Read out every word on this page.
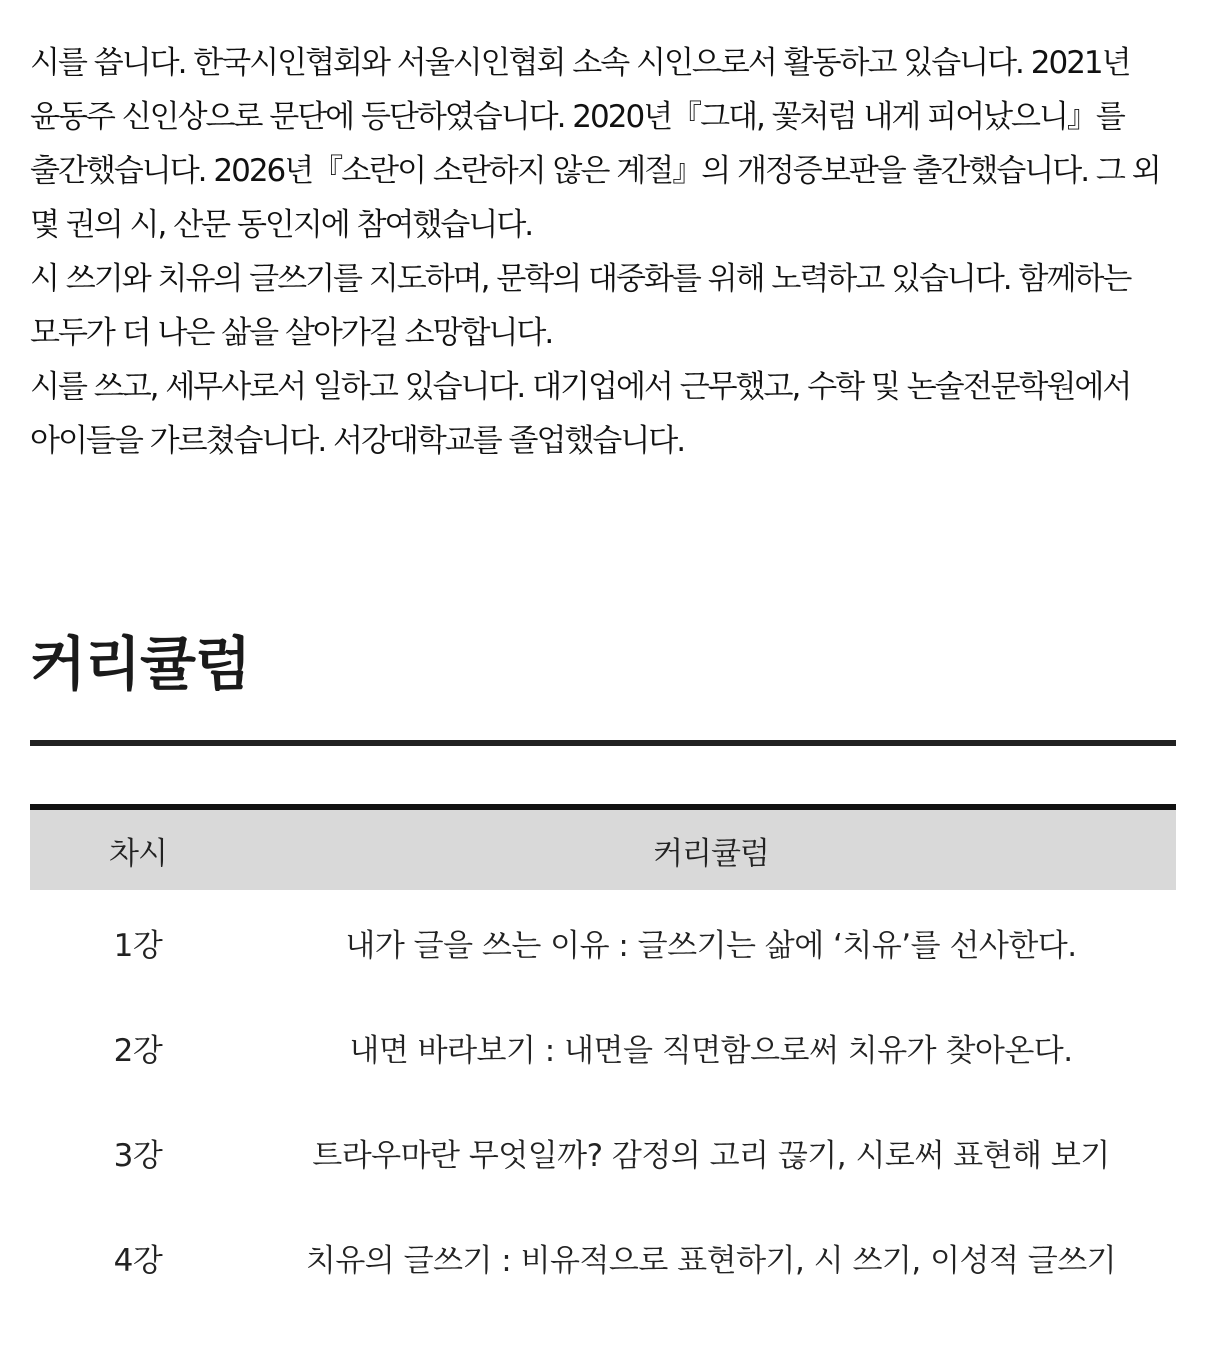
시를 씁니다. 한국시인협회와 서울시인협회 소속 시인으로서 활동하고 있습니다. 2021년 윤동주 신인상으로 문단에 등단하였습니다. 2020년『그대, 꽃처럼 내게 피어났으니』를 출간했습니다. 2026년『소란이 소란하지 않은 계절』의 개정증보판을 출간했습니다. 그 외 몇 권의 시, 산문 동인지에 참여했습니다.

시 쓰기와 치유의 글쓰기를 지도하며, 문학의 대중화를 위해 노력하고 있습니다. 함께하는 모두가 더 나은 삶을 살아가길 소망합니다.

시를 쓰고, 세무사로서 일하고 있습니다. 대기업에서 근무했고, 수학 및 논술전문학원에서 아이들을 가르쳤습니다. 서강대학교를 졸업했습니다.

커리큘럼
차시	커리큘럼
1강	내가 글을 쓰는 이유 : 글쓰기는 삶에 ‘치유’를 선사한다.
2강	내면 바라보기 : 내면을 직면함으로써 치유가 찾아온다.
3강	트라우마란 무엇일까? 감정의 고리 끊기, 시로써 표현해 보기
4강	치유의 글쓰기 : 비유적으로 표현하기, 시 쓰기, 이성적 글쓰기
